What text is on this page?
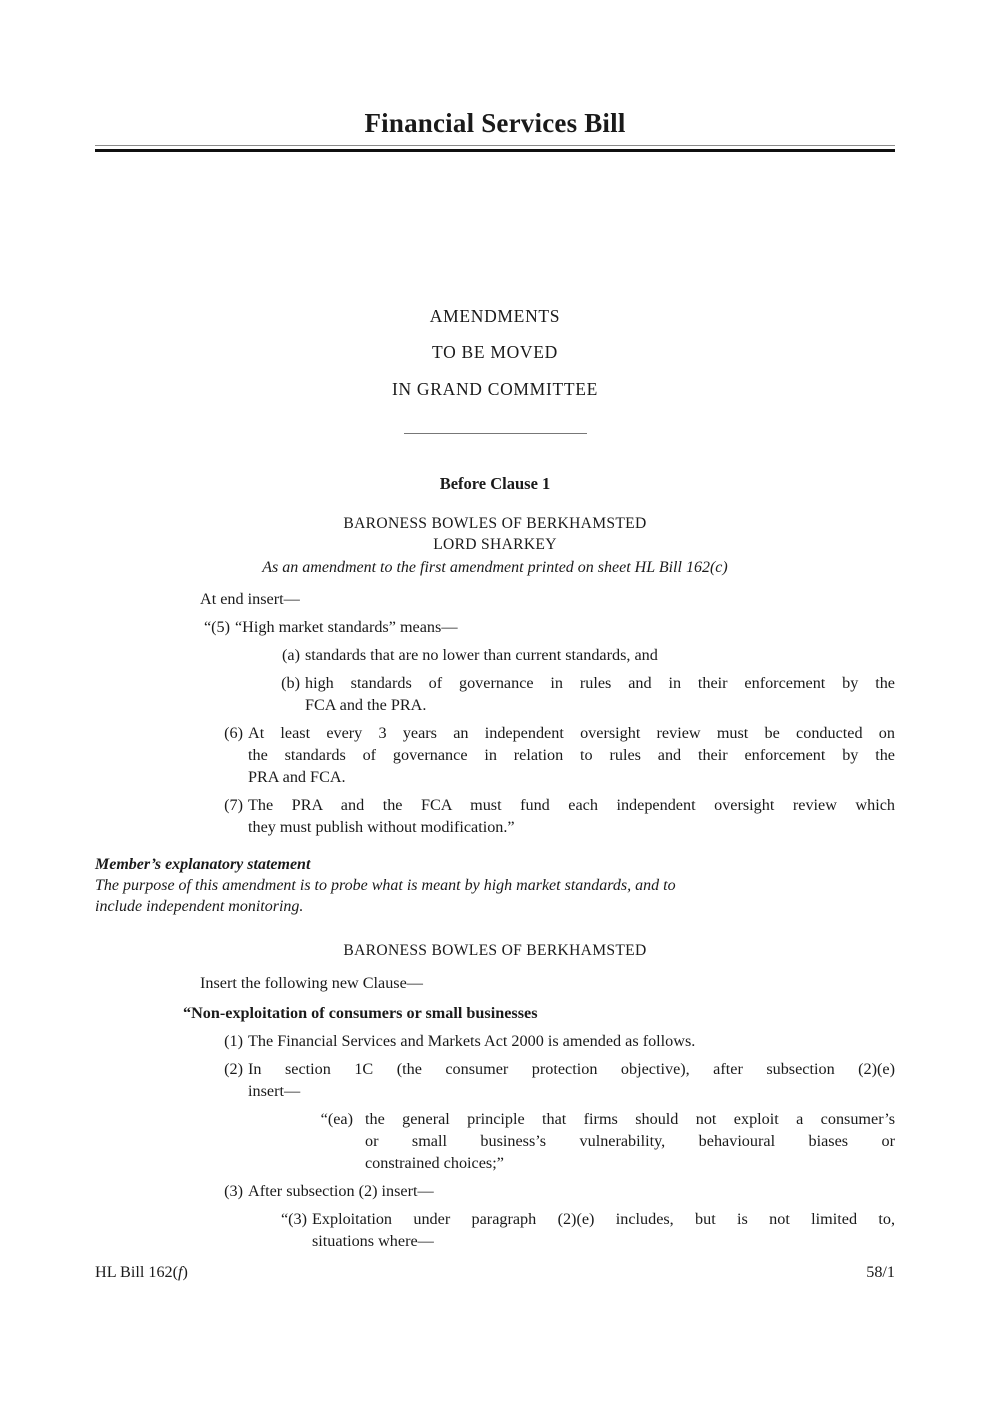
Financial Services Bill
AMENDMENTS
TO BE MOVED
IN GRAND COMMITTEE
Before Clause 1
BARONESS BOWLES OF BERKHAMSTED
LORD SHARKEY
As an amendment to the first amendment printed on sheet HL Bill 162(c)
At end insert—
“(5) “High market standards” means—
(a) standards that are no lower than current standards, and
(b) high standards of governance in rules and in their enforcement by the
FCA and the PRA.
(6) At least every 3 years an independent oversight review must be conducted on
the standards of governance in relation to rules and their enforcement by the
PRA and FCA.
(7) The PRA and the FCA must fund each independent oversight review which
they must publish without modification.”
Member’s explanatory statement
The purpose of this amendment is to probe what is meant by high market standards, and to
include independent monitoring.
BARONESS BOWLES OF BERKHAMSTED
Insert the following new Clause—
“Non-exploitation of consumers or small businesses
(1) The Financial Services and Markets Act 2000 is amended as follows.
(2) In section 1C (the consumer protection objective), after subsection (2)(e)
insert—
“(ea) the general principle that firms should not exploit a consumer’s
or small business’s vulnerability, behavioural biases or
constrained choices;”
(3) After subsection (2) insert—
“(3) Exploitation under paragraph (2)(e) includes, but is not limited to,
situations where—
HL Bill 162(f)	58/1
